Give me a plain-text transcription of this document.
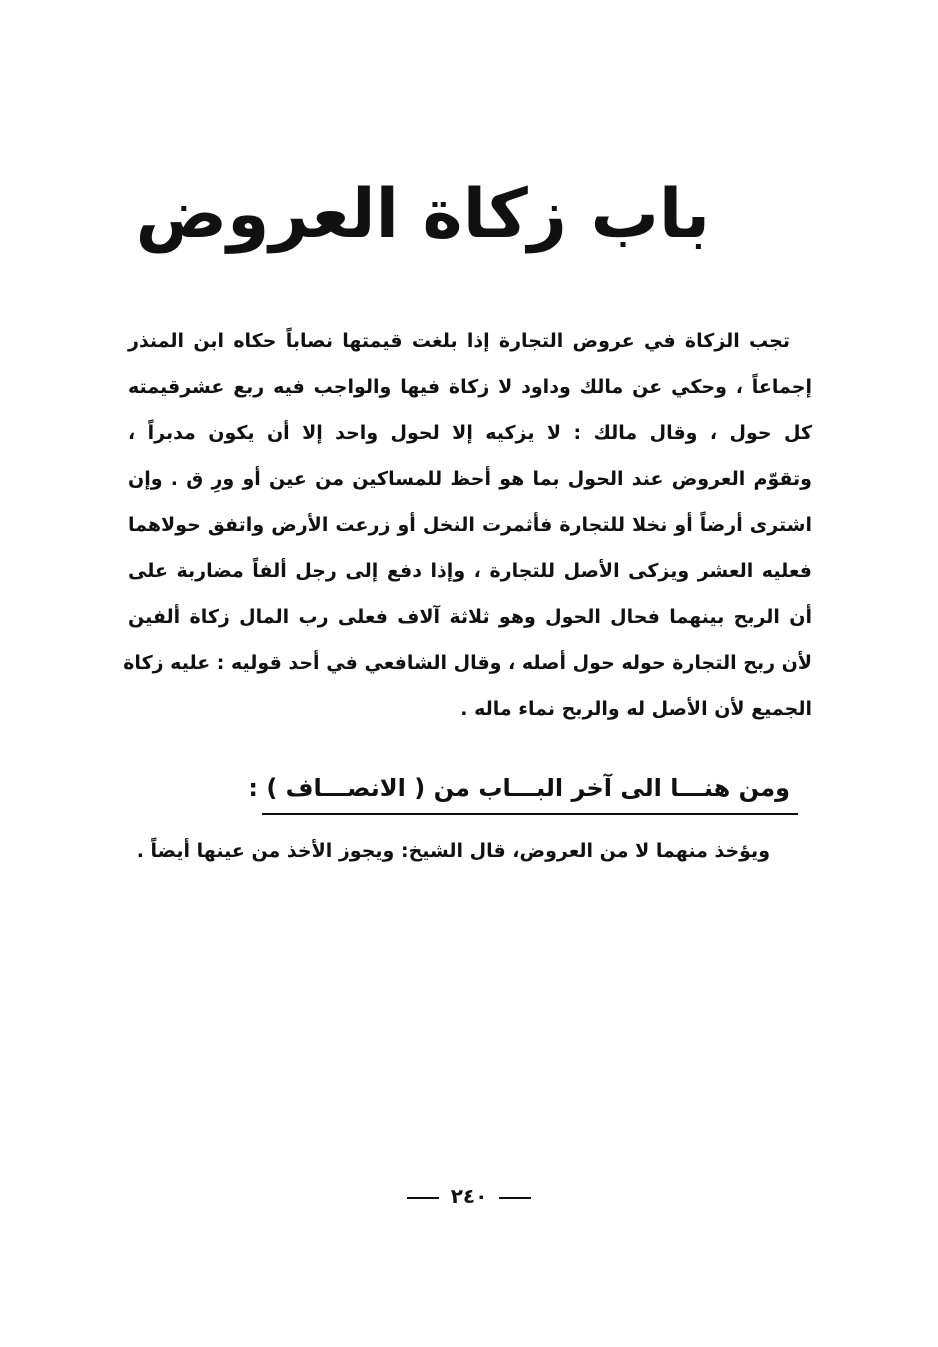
باب زكاة العروض
تجب الزكاة في عروض التجارة إذا بلغت قيمتها نصاباً حكاه ابن المنذر
إجماعاً ، وحكي عن مالك وداود لا زكاة فيها والواجب فيه ربع عشرقيمته
كل حول ، وقال مالك : لا يزكيه إلا لحول واحد إلا أن يكون مدبراً ،
وتقوّم العروض عند الحول بما هو أحظ للمساكين من عين أو ورِ ق . وإن
اشترى أرضاً أو نخلا للتجارة فأثمرت النخل أو زرعت الأرض واتفق حولاهما
فعليه العشر ويزكى الأصل للتجارة ، وإذا دفع إلى رجل ألفاً مضاربة على
أن الربح بينهما فحال الحول وهو ثلاثة آلاف فعلى رب المال زكاة ألفين
لأن ربح التجارة حوله حول أصله ، وقال الشافعي في أحد قوليه : عليه زكاة
الجميع لأن الأصل له والربح نماء ماله .
ومن هنـــا الى آخر البـــاب من ( الانصـــاف ) :
ويؤخذ منهما لا من العروض، قال الشيخ: ويجوز الأخذ من عينها أيضاً .
٢٤٠
